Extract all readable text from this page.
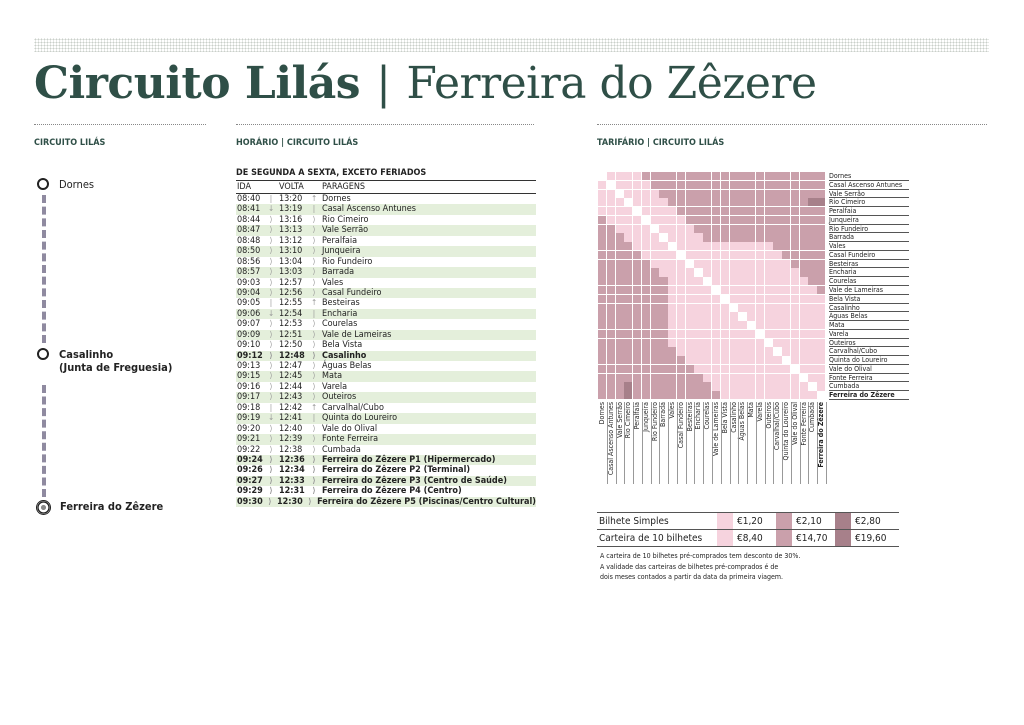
Circuito Lilás | Ferreira do Zêzere
CIRCUITO LILÁS	HORÁRIO | CIRCUITO LILÁS	TARIFÁRIO | CIRCUITO LILÁS
Dornes
Casalinho
(Junta de Freguesia)
Ferreira do Zêzere
DE SEGUNDA A SEXTA, EXCETO FERIADOS
IDA	VOLTA	PARAGENS
08:40	| 13:20	↑ Dornes
08:41 ↓ 13:19	| Casal Ascenso Antunes
08:44	⟩ 13:16	⟩ Rio Cimeiro
08:47	⟩ 13:13	⟩ Vale Serrão
08:48	⟩ 13:12	⟩ Peralfaia
08:50	⟩ 13:10	⟩ Junqueira
08:56	⟩ 13:04	⟩ Rio Fundeiro
08:57	⟩ 13:03	⟩ Barrada
09:03	⟩ 12:57	⟩ Vales
09:04	⟩ 12:56	⟩ Casal Fundeiro
09:05	| 12:55	↑ Besteiras
09:06 ↓ 12:54	| Encharia
09:07	⟩ 12:53	⟩ Courelas
09:09	⟩ 12:51	⟩ Vale de Lameiras
09:10	⟩ 12:50	⟩ Bela Vista
09:12 ⟩ 12:48 ⟩ Casalinho
09:13	⟩ 12:47	⟩ Águas Belas
09:15	⟩ 12:45	⟩ Mata
09:16	⟩ 12:44	⟩ Varela
09:17	⟩ 12:43	⟩ Outeiros
09:18	| 12:42	↑ Carvalhal/Cubo
09:19 ↓ 12:41	| Quinta do Loureiro
09:20	⟩ 12:40	⟩ Vale do Olival
09:21	⟩ 12:39	⟩ Fonte Ferreira
09:22	⟩ 12:38	⟩ Cumbada
09:24 ⟩ 12:36 ⟩ Ferreira do Zêzere P1 (Hipermercado)
09:26 ⟩ 12:34 ⟩ Ferreira do Zêzere P2 (Terminal)
09:27 ⟩ 12:33 ⟩ Ferreira do Zêzere P3 (Centro de Saúde)
09:29 ⟩ 12:31 ⟩ Ferreira do Zêzere P4 (Centro)
09:30 ⟩ 12:30 ⟩ Ferreira do Zêzere P5 (Piscinas/Centro Cultural)
Bilhete Simples	€1,20	€2,10	€2,80
Carteira de 10 bilhetes	€8,40	€14,70	€19,60
A carteira de 10 bilhetes pré-comprados tem desconto de 30%.
A validade das carteiras de bilhetes pré-comprados é de
dois meses contados a partir da data da primeira viagem.
Dornes
Dornes
Casal Ascenso Antunes
Casal Ascenso Antunes
Vale Serrão
Vale Serrão
Rio Cimeiro
Rio Cimeiro
Peralfaia
Peralfaia
Junqueira
Junqueira
Rio Fundeiro
Rio Fundeiro
Barrada
Barrada
Vales
Vales
Casal Fundeiro
Casal Fundeiro
Besteiras
Besteiras
Encharia
Encharia
Courelas
Courelas
Vale de Lameiras
Vale de Lameiras
Bela Vista
Bela Vista
Casalinho
Casalinho
Águas Belas
Águas Belas
Mata
Mata
Varela
Varela
Outeiros
Outeiros
Carvalhal/Cubo
Carvalhal/Cubo
Quinta do Loureiro
Quinta do Loureiro
Vale do Olival
Vale do Olival
Fonte Ferreira
Fonte Ferreira
Cumbada
Cumbada
Ferreira do Zêzere
Ferreira do Zêzere
